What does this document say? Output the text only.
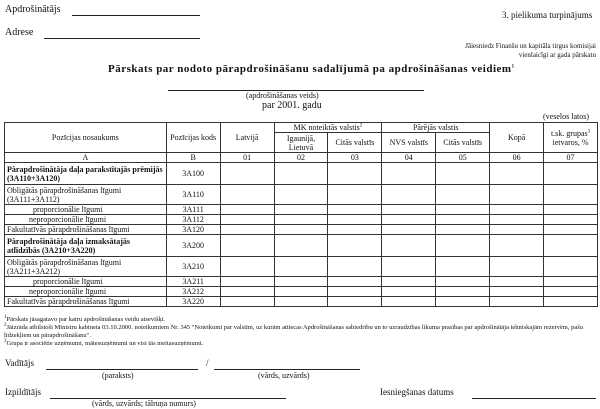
Apdrošinātājs
Adrese
3. pielikuma turpinājums
Jāiesniedz Finanšu un kapitāla tirgus komisijai
vienlaicīgi ar gada pārskatu
Pārskats par nodoto pārapdrošināšanu sadalījumā pa apdrošināšanas veidiem$^1$
(apdrošināšanas veids)
par 2001. gadu
(veselos latos)
Pozīcijas nosaukums	Pozīcijas kods	Latvijā	MK noteiktās valstis$^2$		Pārējās valstis		Kopā	t.sk. grupas$^3$
ietvaros, %
			Igaunijā, Lietuvā	Citās valstīs	NVS valstīs	Citās valstīs		
A	B	01	02	03	04	05	06	07
Pārapdrošinātāja daļa parakstītajās prēmijās (3A110+3A120)	3A100							
Obligātās pārapdrošināšanas līgumi (3A111+3A112)	3A110							
proporcionālie līgumi	3A111							
neproporcionālie līgumi	3A112							
Fakultatīvās pārapdrošināšanas līgumi	3A120							
Pārapdrošinātāja daļa izmaksātajās atlīdzībās (3A210+3A220)	3A200							
Obligātās pārapdrošināšanas līgumi (3A211+3A212)	3A210							
proporcionālie līgumi	3A211							
neproporcionālie līgumi	3A212							
Fakultatīvās pārapdrošināšanas līgumi	3A220							
$^1$Pārskats jāsagatavo par katru apdrošināšanas veidu atsevišķi.
$^2$Jāizrāda atbilstoši Ministru kabineta 03.10.2000. noteikumiem Nr. 345 "Noteikumi par valstīm, uz kurām attiecas Apdrošināšanas sabiedrību un to uzraudzības likuma prasības par apdrošinātāja tehniskajām rezervēm, pašu līdzekļiem un pārapdrošināšanu".
$^3$Grupa ir asociētie uzņēmumi, mātesuzņēmumi un visi tās meitasuzņēmumi.
Vadītājs	/
(paraksts)	(vārds, uzvārds)
Izpildītājs
(vārds, uzvārds; tālruņa numurs)
Iesniegšanas datums
